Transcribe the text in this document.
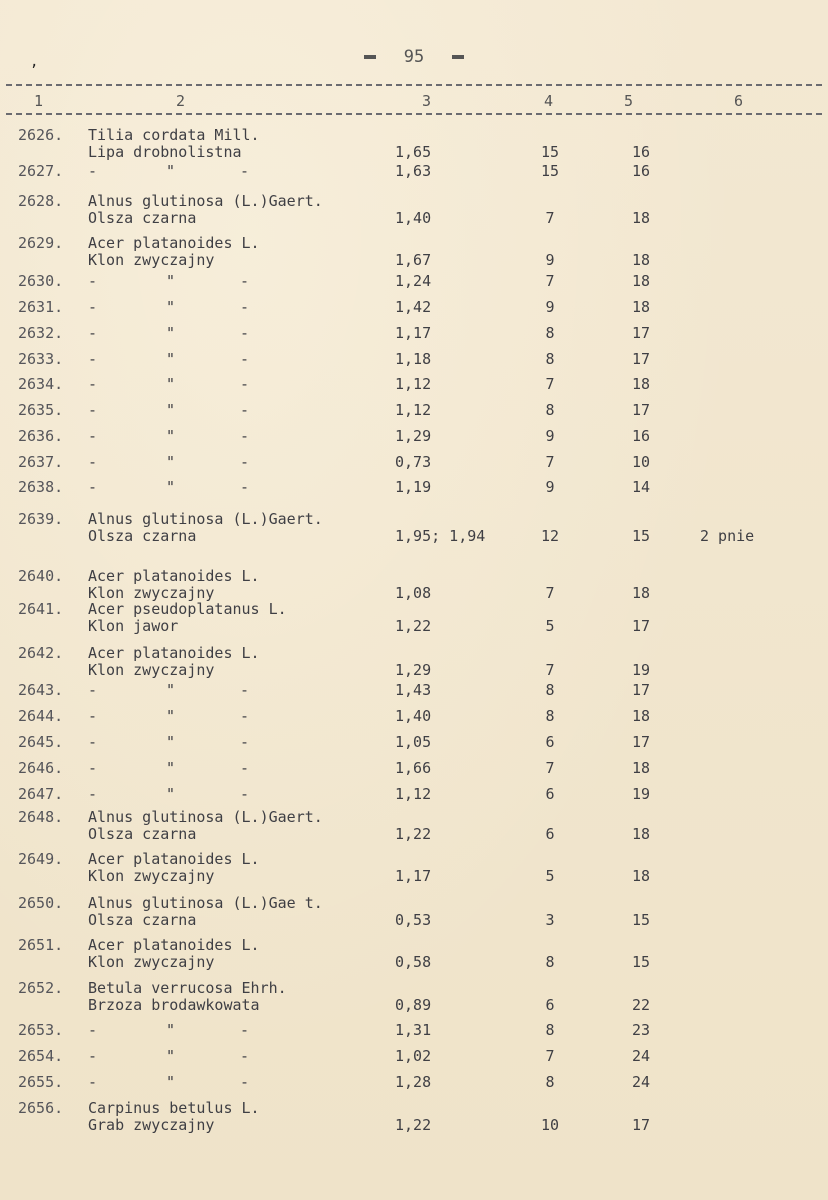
,	95
1	2	3	4	5	6
2626.	Tilia cordata Mill.
Lipa drobnolistna	1,65	15	16
2627.	-	"	-	1,63	15	16
2628.	Alnus glutinosa (L.)Gaert.
Olsza czarna	1,40	7	18
2629.	Acer platanoides L.
Klon zwyczajny	1,67	9	18
2630.	-	"	-	1,24	7	18
2631.	-	"	-	1,42	9	18
2632.	-	"	-	1,17	8	17
2633.	-	"	-	1,18	8	17
2634.	-	"	-	1,12	7	18
2635.	-	"	-	1,12	8	17
2636.	-	"	-	1,29	9	16
2637.	-	"	-	0,73	7	10
2638.	-	"	-	1,19	9	14
2639.	Alnus glutinosa (L.)Gaert.
Olsza czarna	1,95; 1,94	12	15	2 pnie
2640.	Acer platanoides L.
Klon zwyczajny	1,08	7	18
2641.	Acer pseudoplatanus L.
Klon jawor	1,22	5	17
2642.	Acer platanoides L.
Klon zwyczajny	1,29	7	19
2643.	-	"	-	1,43	8	17
2644.	-	"	-	1,40	8	18
2645.	-	"	-	1,05	6	17
2646.	-	"	-	1,66	7	18
2647.	-	"	-	1,12	6	19
2648.	Alnus glutinosa (L.)Gaert.
Olsza czarna	1,22	6	18
2649.	Acer platanoides L.
Klon zwyczajny	1,17	5	18
2650.	Alnus glutinosa (L.)Gae t.
Olsza czarna	0,53	3	15
2651.	Acer platanoides L.
Klon zwyczajny	0,58	8	15
2652.	Betula verrucosa Ehrh.
Brzoza brodawkowata	0,89	6	22
2653.	-	"	-	1,31	8	23
2654.	-	"	-	1,02	7	24
2655.	-	"	-	1,28	8	24
2656.	Carpinus betulus L.
Grab zwyczajny	1,22	10	17
